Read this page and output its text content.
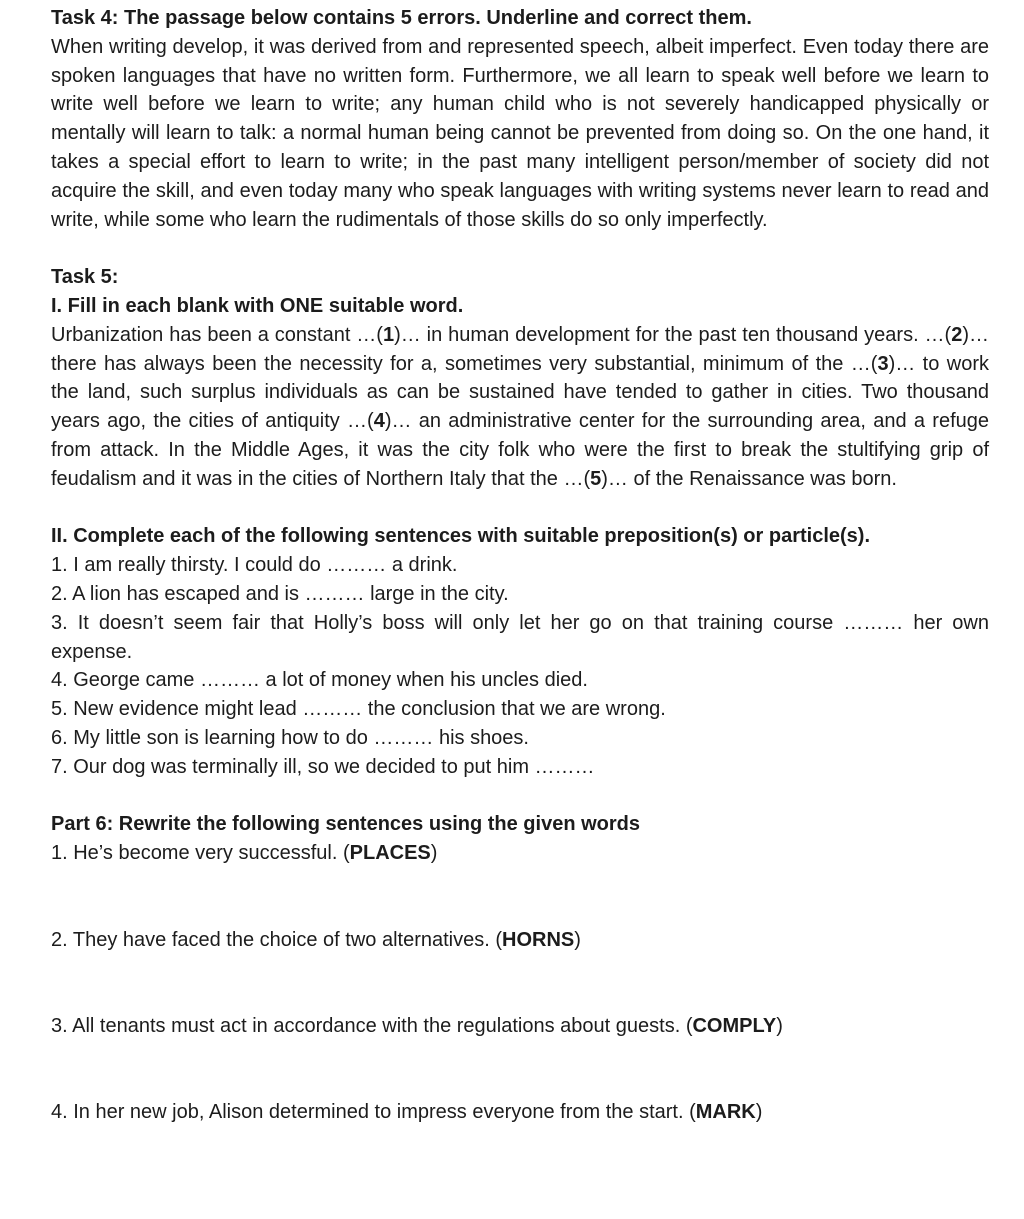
Task 4: The passage below contains 5 errors. Underline and correct them.

When writing develop, it was derived from and represented speech, albeit imperfect. Even today there are spoken languages that have no written form. Furthermore, we all learn to speak well before we learn to write well before we learn to write; any human child who is not severely handicapped physically or mentally will learn to talk: a normal human being cannot be prevented from doing so. On the one hand, it takes a special effort to learn to write; in the past many intelligent person/member of society did not acquire the skill, and even today many who speak languages with writing systems never learn to read and write, while some who learn the rudimentals of those skills do so only imperfectly.

Task 5:

I. Fill in each blank with ONE suitable word.

Urbanization has been a constant …(1)… in human development for the past ten thousand years. …(2)… there has always been the necessity for a, sometimes very substantial, minimum of the …(3)… to work the land, such surplus individuals as can be sustained have tended to gather in cities. Two thousand years ago, the cities of antiquity …(4)… an administrative center for the surrounding area, and a refuge from attack. In the Middle Ages, it was the city folk who were the first to break the stultifying grip of feudalism and it was in the cities of Northern Italy that the …(5)… of the Renaissance was born.

II. Complete each of the following sentences with suitable preposition(s) or particle(s).

1. I am really thirsty. I could do ……… a drink.

2. A lion has escaped and is ……… large in the city.

3. It doesn’t seem fair that Holly’s boss will only let her go on that training course ……… her own expense.

4. George came ……… a lot of money when his uncles died.

5. New evidence might lead ……… the conclusion that we are wrong.

6. My little son is learning how to do ……… his shoes.

7. Our dog was terminally ill, so we decided to put him ………

Part 6: Rewrite the following sentences using the given words

1. He’s become very successful. (PLACES)

2. They have faced the choice of two alternatives. (HORNS)

3. All tenants must act in accordance with the regulations about guests. (COMPLY)

4. In her new job, Alison determined to impress everyone from the start. (MARK)
